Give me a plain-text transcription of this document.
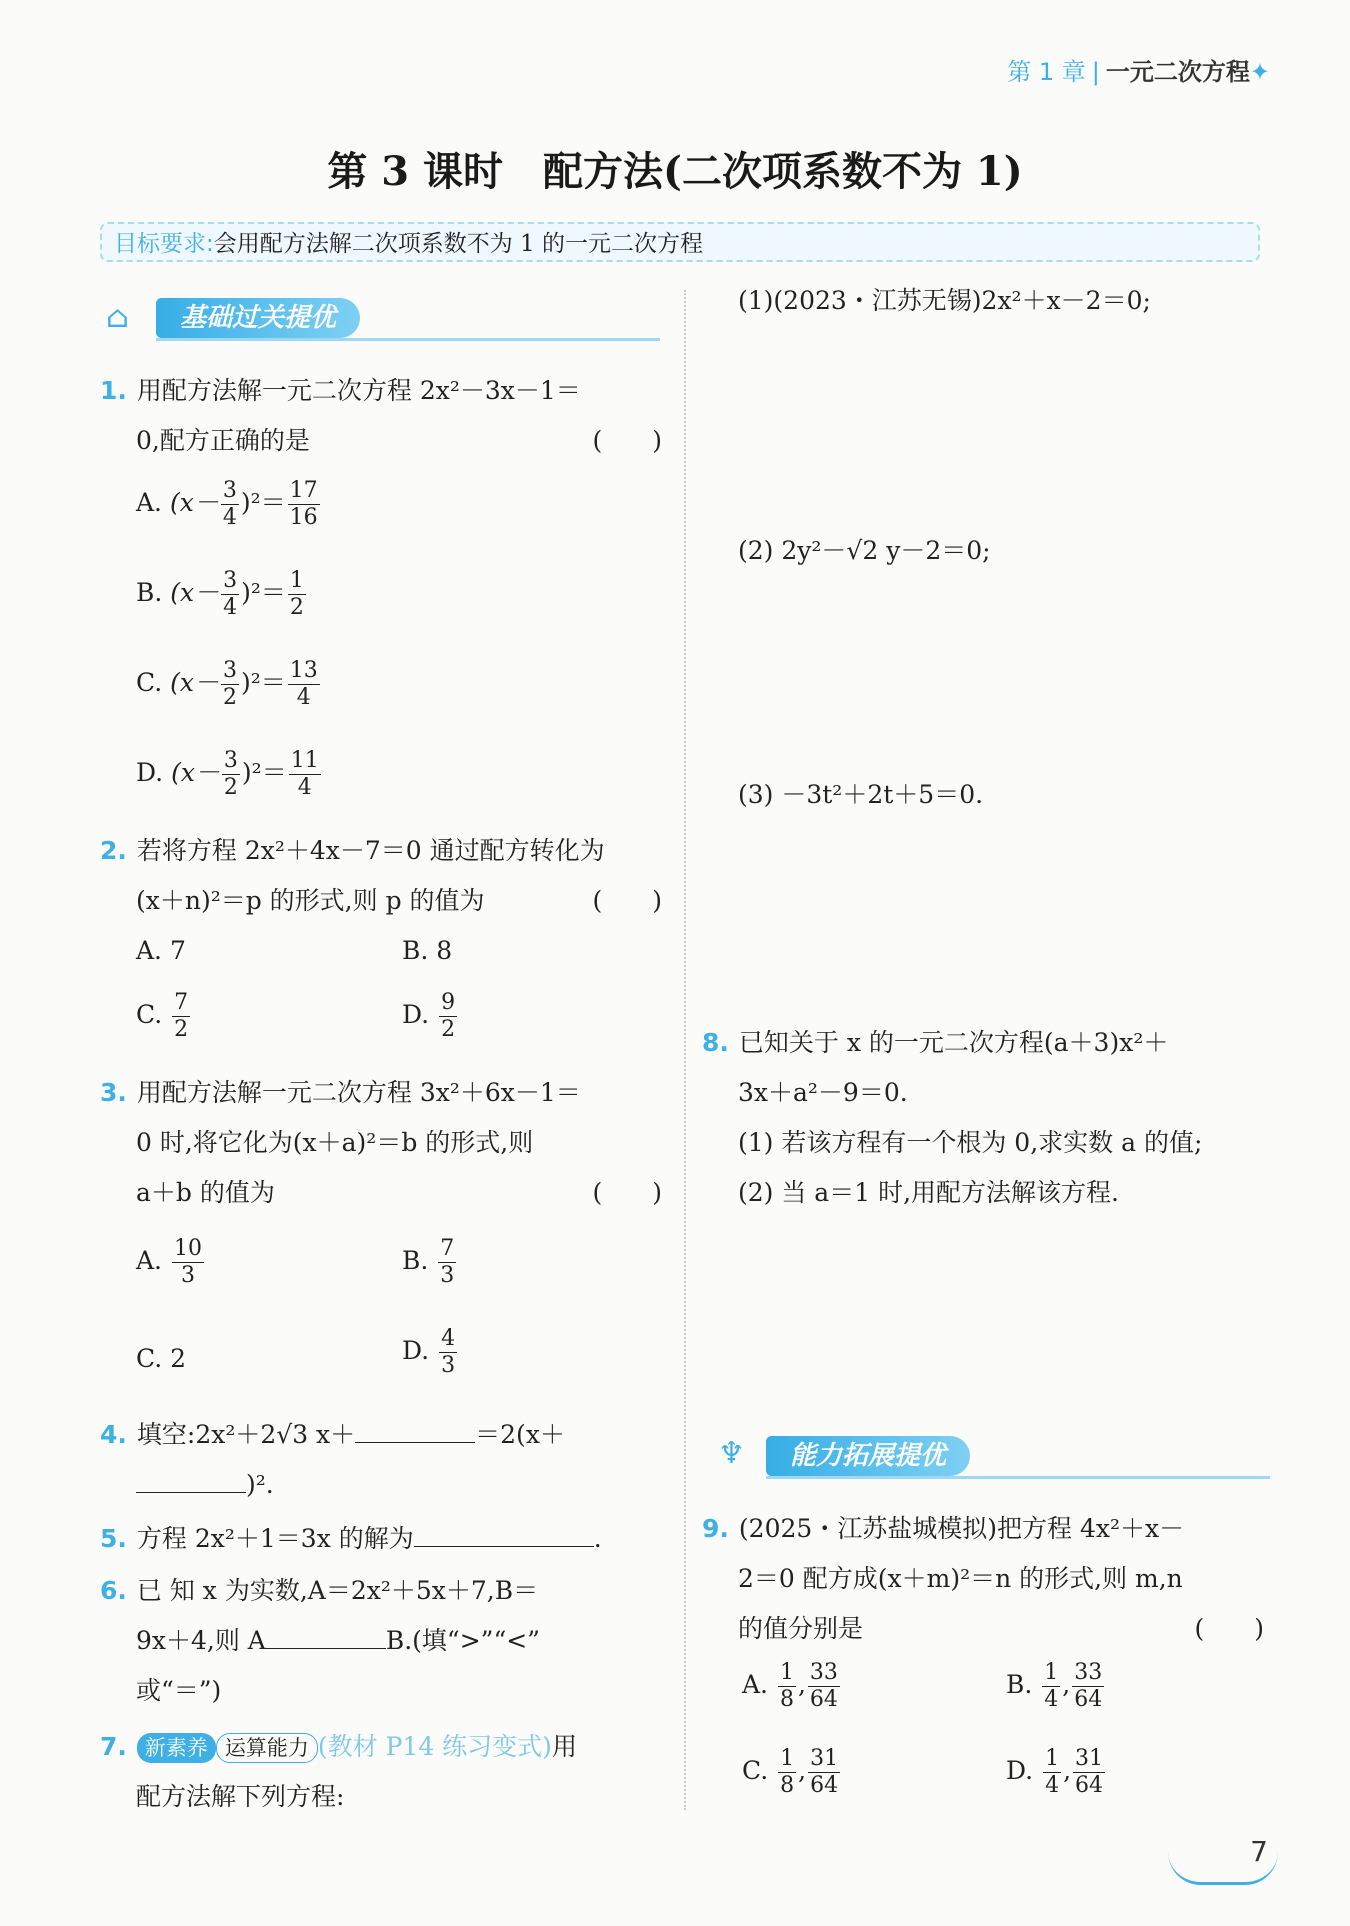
第 1 章 | 一元二次方程✦
第 3 课时　配方法(二次项系数不为 1)
目标要求:会用配方法解二次项系数不为 1 的一元二次方程
⌂	基础过关提优
1. 用配方法解一元二次方程 2x²－3x－1＝
0,配方正确的是	(　　)
A. $(x- \frac{3}{4} )^2= \frac{17}{16}$
B. $(x- \frac{3}{4} )^2= \frac{1}{2}$
C. $(x- \frac{3}{2} )^2= \frac{13}{4}$
D. $(x- \frac{3}{2} )^2= \frac{11}{4}$
2. 若将方程 2x²＋4x－7＝0 通过配方转化为
(x＋n)²＝p 的形式,则 p 的值为	(　　)
A. 7	B. 8
C. $\frac{7}{2}$	D. $\frac{9}{2}$
3. 用配方法解一元二次方程 3x²＋6x－1＝
0 时,将它化为(x＋a)²＝b 的形式,则
a＋b 的值为	(　　)
A. $\frac{10}{3}$	B. $\frac{7}{3}$
C. 2	D. $\frac{4}{3}$
4. 填空:2x²＋2√3 x＋	＝2(x＋
)².
5. 方程 2x²＋1＝3x 的解为	.
6. 已 知 x 为实数,A＝2x²＋5x＋7,B＝
9x＋4,则 A	B.(填“>”“<”
或“＝”)
7. 新素养 运算能力 (教材 P14 练习变式)用
配方法解下列方程:
(1)(2023・江苏无锡)2x²＋x－2＝0;
(2) 2y²－√2 y－2＝0;
(3) －3t²＋2t＋5＝0.
8. 已知关于 x 的一元二次方程(a＋3)x²＋
3x＋a²－9＝0.
(1) 若该方程有一个根为 0,求实数 a 的值;
(2) 当 a＝1 时,用配方法解该方程.
♆	能力拓展提优
9. (2025・江苏盐城模拟)把方程 4x²＋x－
2＝0 配方成(x＋m)²＝n 的形式,则 m,n
的值分别是	(　　)
A. $\frac{1}{8}$ , $\frac{33}{64}$	B. $\frac{1}{4}$ , $\frac{33}{64}$
C. $\frac{1}{8}$ , $\frac{31}{64}$	D. $\frac{1}{4}$ , $\frac{31}{64}$
7
